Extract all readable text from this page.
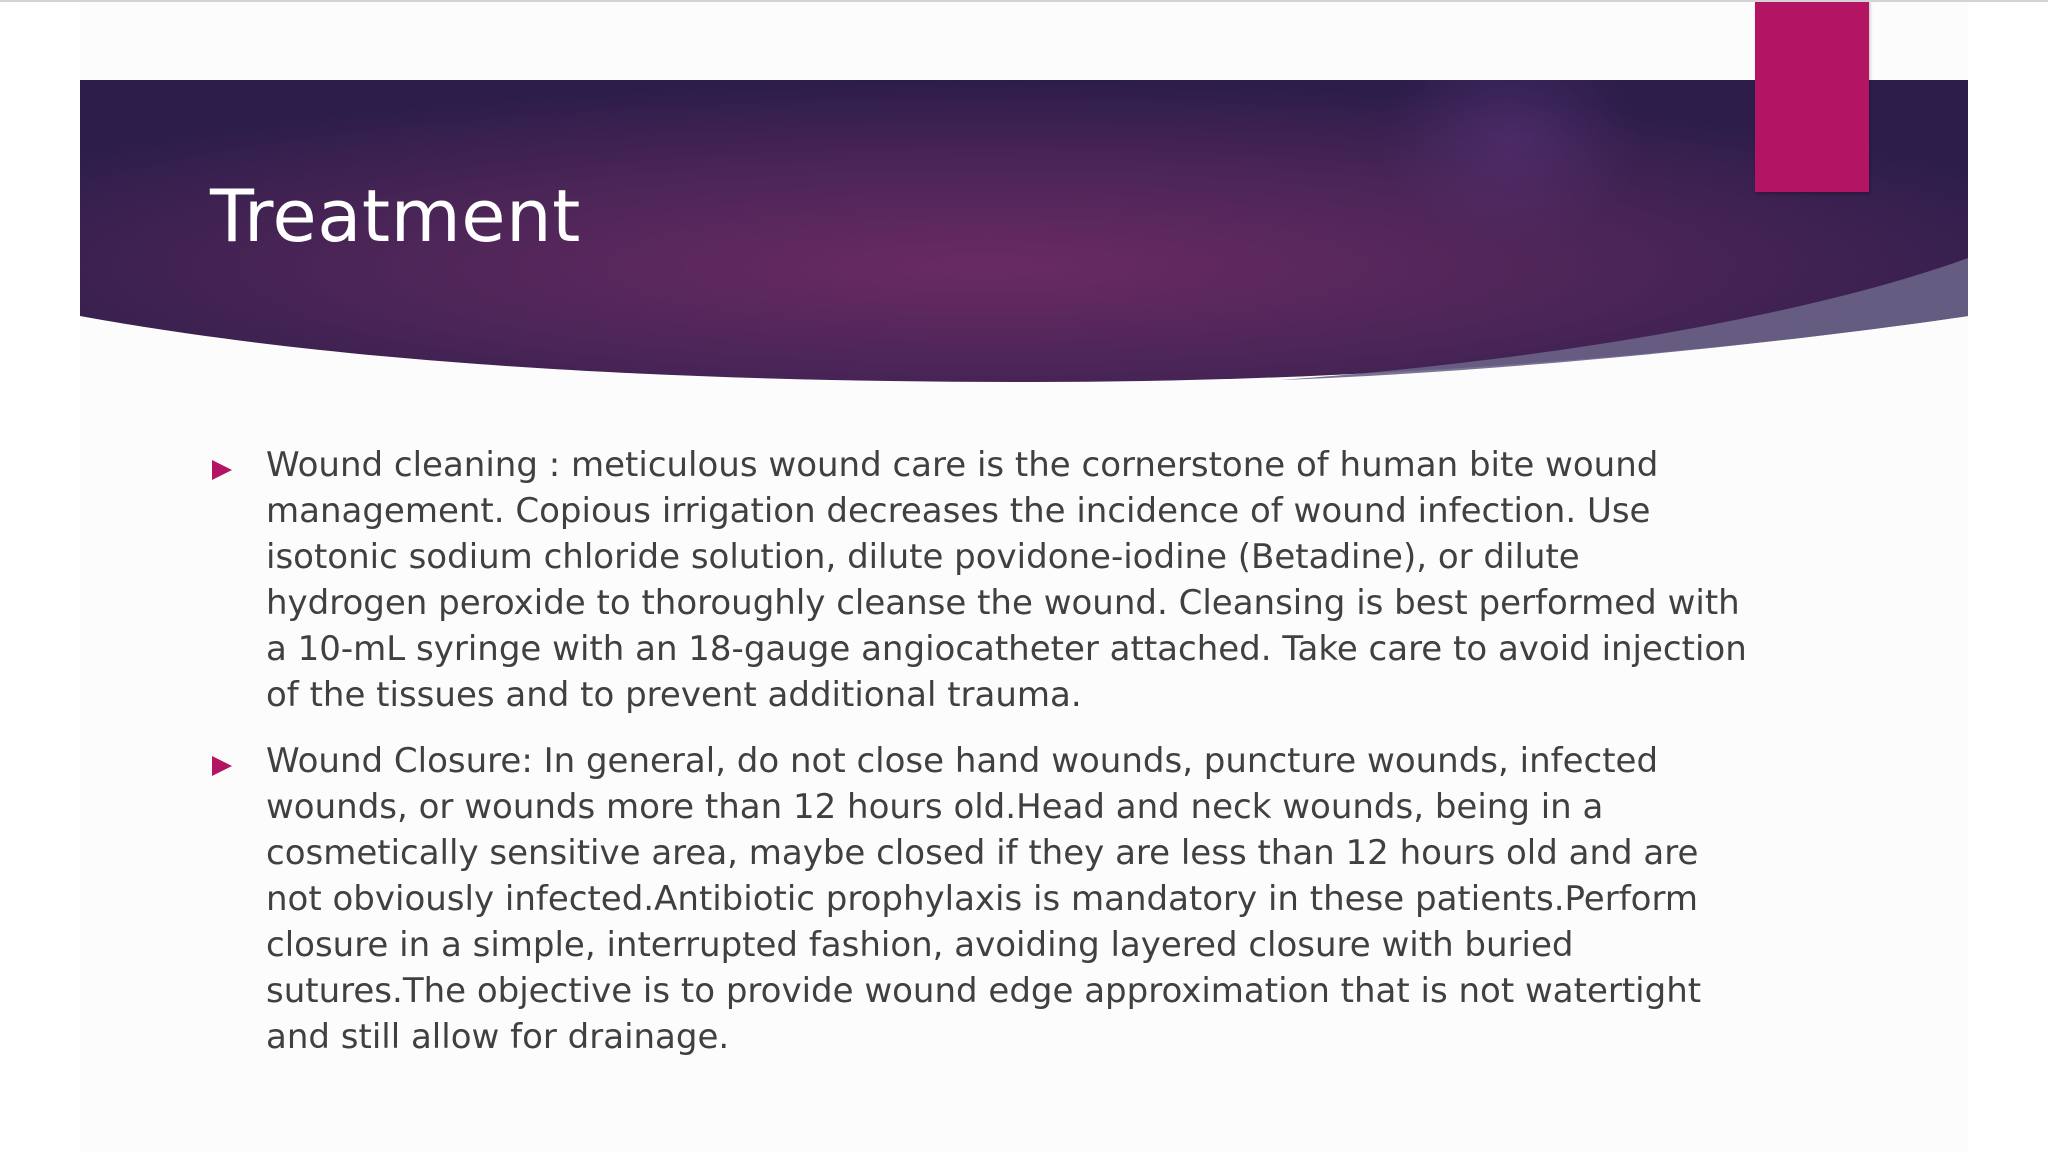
Treatment

Wound cleaning : meticulous wound care is the cornerstone of human bite wound management. Copious irrigation decreases the incidence of wound infection. Use isotonic sodium chloride solution, dilute povidone-iodine (Betadine), or dilute hydrogen peroxide to thoroughly cleanse the wound. Cleansing is best performed with a 10-mL syringe with an 18-gauge angiocatheter attached. Take care to avoid injection of the tissues and to prevent additional trauma.

Wound Closure: In general, do not close hand wounds, puncture wounds, infected wounds, or wounds more than 12 hours old.Head and neck wounds, being in a cosmetically sensitive area, maybe closed if they are less than 12 hours old and are not obviously infected.Antibiotic prophylaxis is mandatory in these patients.Perform closure in a simple, interrupted fashion, avoiding layered closure with buried sutures.The objective is to provide wound edge approximation that is not watertight and still allow for drainage.
